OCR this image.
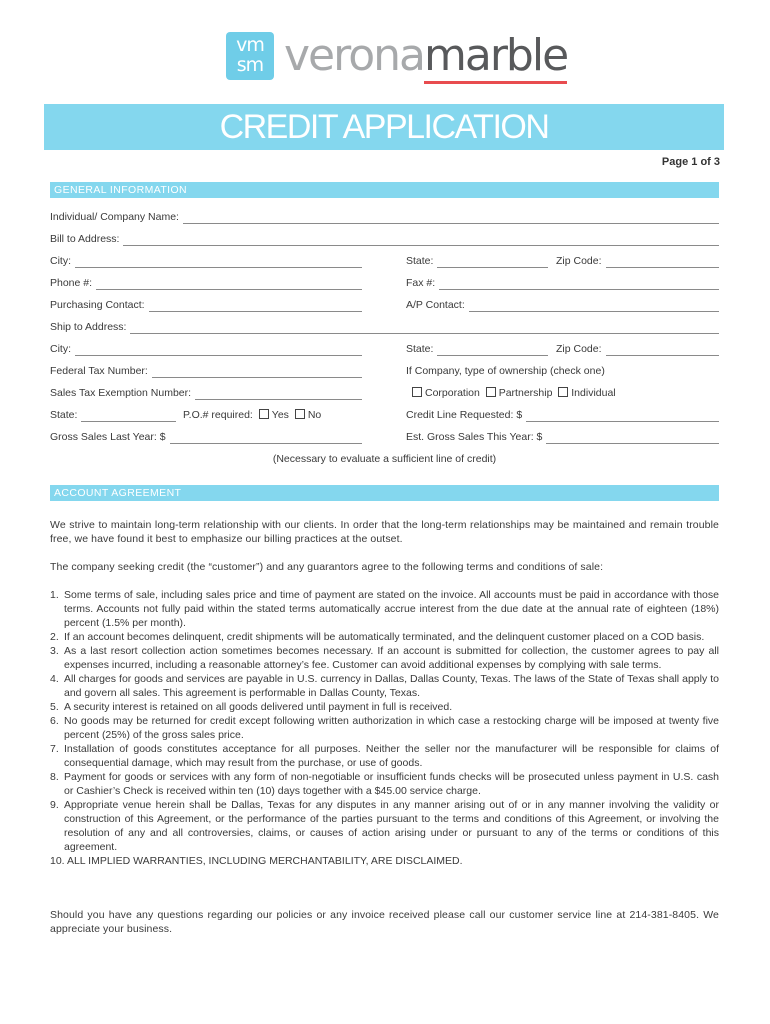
vm
sm veronamarble
CREDIT APPLICATION
Page 1 of 3
GENERAL INFORMATION
Individual/ Company Name:
Bill to Address:
City:	State:	Zip Code:
Phone #:	Fax #:
Purchasing Contact:	A/P Contact:
Ship to Address:
City:	State:	Zip Code:
Federal Tax Number:	If Company, type of ownership (check one)
Sales Tax Exemption Number:	Corporation Partnership Individual
State:	P.O.# required: Yes No	Credit Line Requested: $
Gross Sales Last Year: $	Est. Gross Sales This Year: $
(Necessary to evaluate a sufficient line of credit)
ACCOUNT AGREEMENT
We strive to maintain long-term relationship with our clients. In order that the long-term relationships may be maintained and remain trouble free, we have found it best to emphasize our billing practices at the outset.
The company seeking credit (the “customer”) and any guarantors agree to the following terms and conditions of sale:
1. Some terms of sale, including sales price and time of payment are stated on the invoice. All accounts must be paid in accordance with those terms. Accounts not fully paid within the stated terms automatically accrue interest from the due date at the annual rate of eighteen (18%) percent (1.5% per month).
2. If an account becomes delinquent, credit shipments will be automatically terminated, and the delinquent customer placed on a COD basis.
3. As a last resort collection action sometimes becomes necessary. If an account is submitted for collection, the customer agrees to pay all expenses incurred, including a reasonable attorney’s fee. Customer can avoid additional expenses by complying with sale terms.
4. All charges for goods and services are payable in U.S. currency in Dallas, Dallas County, Texas. The laws of the State of Texas shall apply to and govern all sales. This agreement is performable in Dallas County, Texas.
5. A security interest is retained on all goods delivered until payment in full is received.
6. No goods may be returned for credit except following written authorization in which case a restocking charge will be imposed at twenty five percent (25%) of the gross sales price.
7. Installation of goods constitutes acceptance for all purposes. Neither the seller nor the manufacturer will be responsible for claims of consequential damage, which may result from the purchase, or use of goods.
8. Payment for goods or services with any form of non-negotiable or insufficient funds checks will be prosecuted unless payment in U.S. cash or Cashier’s Check is received within ten (10) days together with a $45.00 service charge.
9. Appropriate venue herein shall be Dallas, Texas for any disputes in any manner arising out of or in any manner involving the validity or construction of this Agreement, or the performance of the parties pursuant to the terms and conditions of this Agreement, or involving the resolution of any and all controversies, claims, or causes of action arising under or pursuant to any of the terms or conditions of this agreement.
10. ALL IMPLIED WARRANTIES, INCLUDING MERCHANTABILITY, ARE DISCLAIMED.
Should you have any questions regarding our policies or any invoice received please call our customer service line at 214-381-8405. We appreciate your business.
